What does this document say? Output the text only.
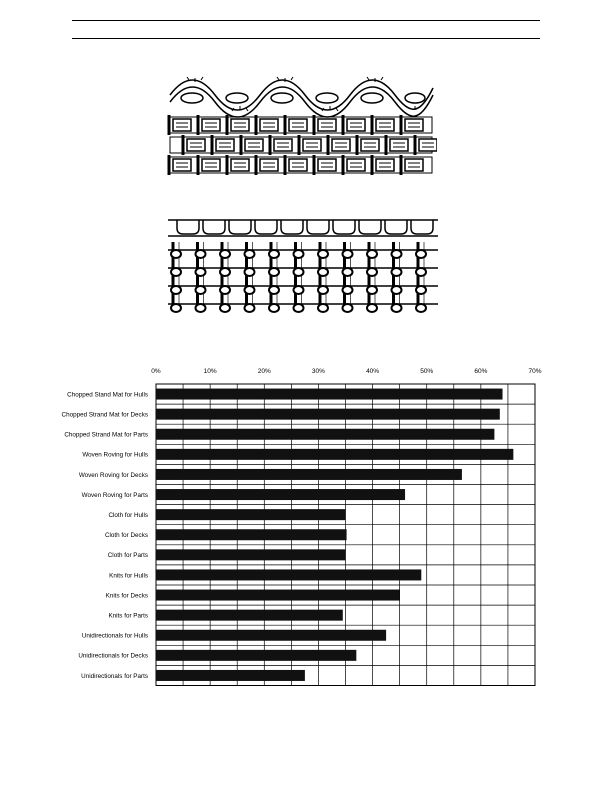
0%	10%	20%	30%	40%	50%	60%	70%
Chopped Stand Mat for Hulls
Chopped Strand Mat for Decks
Chopped Strand Mat for Parts
Woven Roving for Hulls
Woven Roving for Decks
Woven Roving for Parts
Cloth for Hulls
Cloth for Decks
Cloth for Parts
Knits for Hulls
Knits for Decks
Knits for Parts
Unidirectionals for Hulls
Unidirectionals for Decks
Unidirectionals for Parts
